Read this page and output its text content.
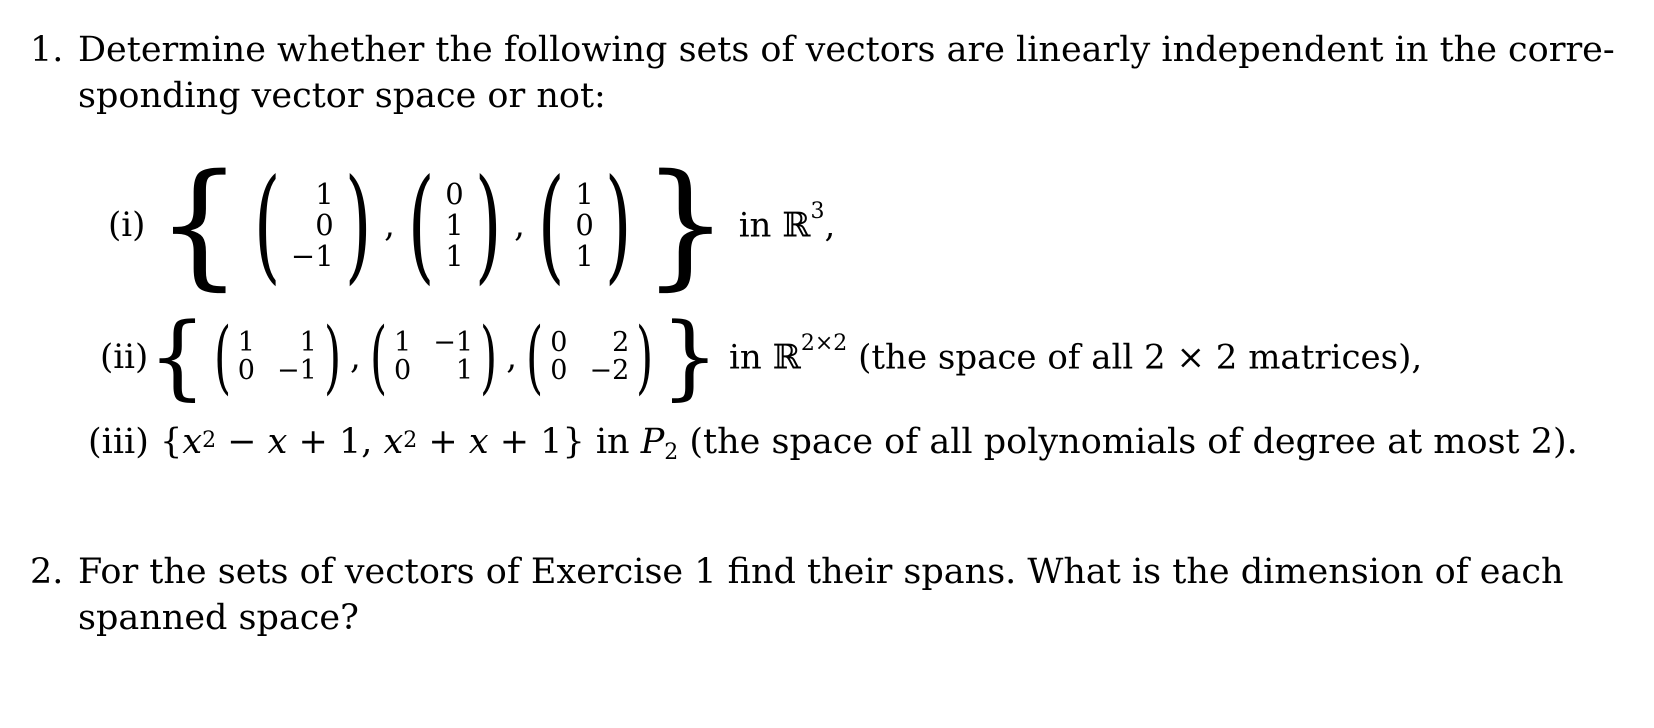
1. Determine whether the following sets of vectors are linearly independent in the corre-
sponding vector space or not:
(i) { ( 1
0
−1 ) , ( 0
1
1 ) , ( 1
0
1 ) } in ℝ$^3$,
(ii) { ( 1	1
0 −1 ) , ( 1 −1
0	1 ) , ( 0	2
0 −2 ) } in ℝ$^{2\times 2}$ (the space of all 2 × 2 matrices),
(iii) {$x^2 - x + 1$, $x^2 + x + 1$} in $P_2$ (the space of all polynomials of degree at most 2).
2. For the sets of vectors of Exercise 1 find their spans. What is the dimension of each
spanned space?
